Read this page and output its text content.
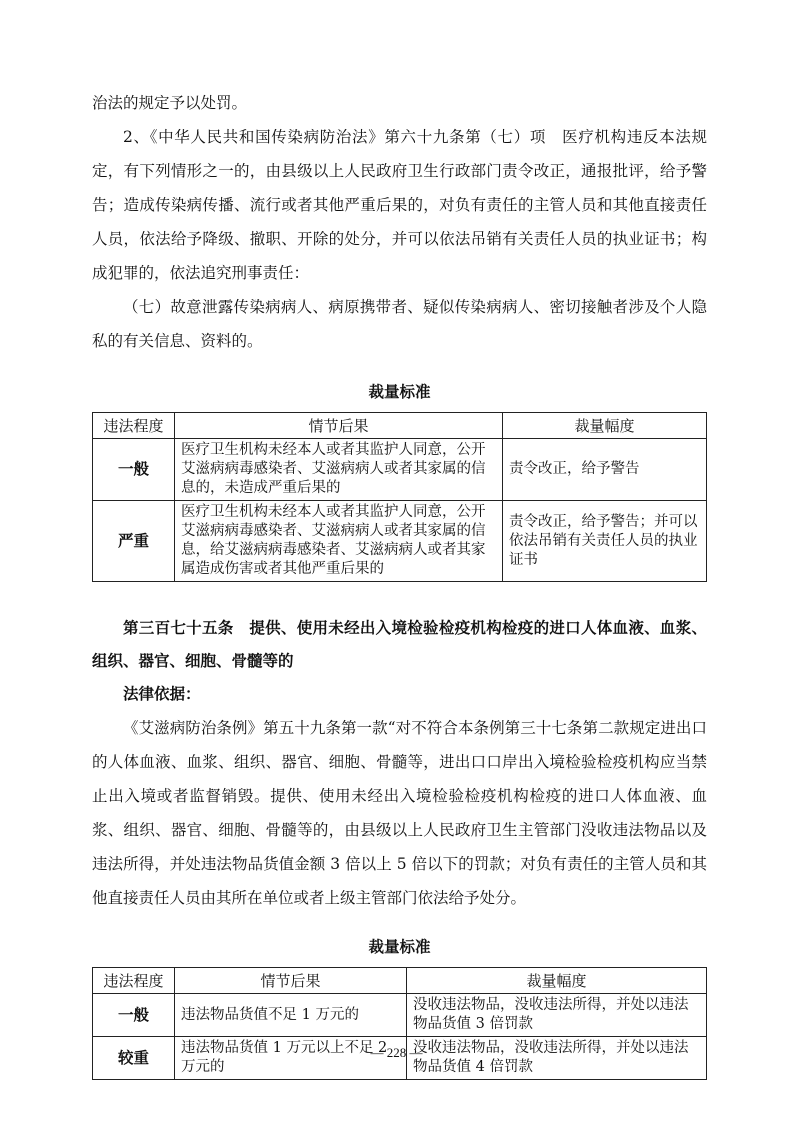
治法的规定予以处罚。

2、《中华人民共和国传染病防治法》第六十九条第（七）项　医疗机构违反本法规定，有下列情形之一的，由县级以上人民政府卫生行政部门责令改正，通报批评，给予警告；造成传染病传播、流行或者其他严重后果的，对负有责任的主管人员和其他直接责任人员，依法给予降级、撤职、开除的处分，并可以依法吊销有关责任人员的执业证书；构成犯罪的，依法追究刑事责任：

（七）故意泄露传染病病人、病原携带者、疑似传染病病人、密切接触者涉及个人隐私的有关信息、资料的。

裁量标准
违法程度	情节后果	裁量幅度
一般	医疗卫生机构未经本人或者其监护人同意，公开艾滋病病毒感染者、艾滋病病人或者其家属的信息的，未造成严重后果的	责令改正，给予警告
严重	医疗卫生机构未经本人或者其监护人同意，公开艾滋病病毒感染者、艾滋病病人或者其家属的信息，给艾滋病病毒感染者、艾滋病病人或者其家属造成伤害或者其他严重后果的	责令改正，给予警告；并可以依法吊销有关责任人员的执业证书

第三百七十五条　提供、使用未经出入境检验检疫机构检疫的进口人体血液、血浆、组织、器官、细胞、骨髓等的

法律依据：

《艾滋病防治条例》第五十九条第一款“对不符合本条例第三十七条第二款规定进出口的人体血液、血浆、组织、器官、细胞、骨髓等，进出口口岸出入境检验检疫机构应当禁止出入境或者监督销毁。提供、使用未经出入境检验检疫机构检疫的进口人体血液、血浆、组织、器官、细胞、骨髓等的，由县级以上人民政府卫生主管部门没收违法物品以及违法所得，并处违法物品货值金额 3 倍以上 5 倍以下的罚款；对负有责任的主管人员和其他直接责任人员由其所在单位或者上级主管部门依法给予处分。

裁量标准
违法程度	情节后果	裁量幅度
一般	违法物品货值不足 1 万元的	没收违法物品，没收违法所得，并处以违法物品货值 3 倍罚款
较重	违法物品货值 1 万元以上不足 2 万元的	没收违法物品，没收违法所得，并处以违法物品货值 4 倍罚款
— 228 —
